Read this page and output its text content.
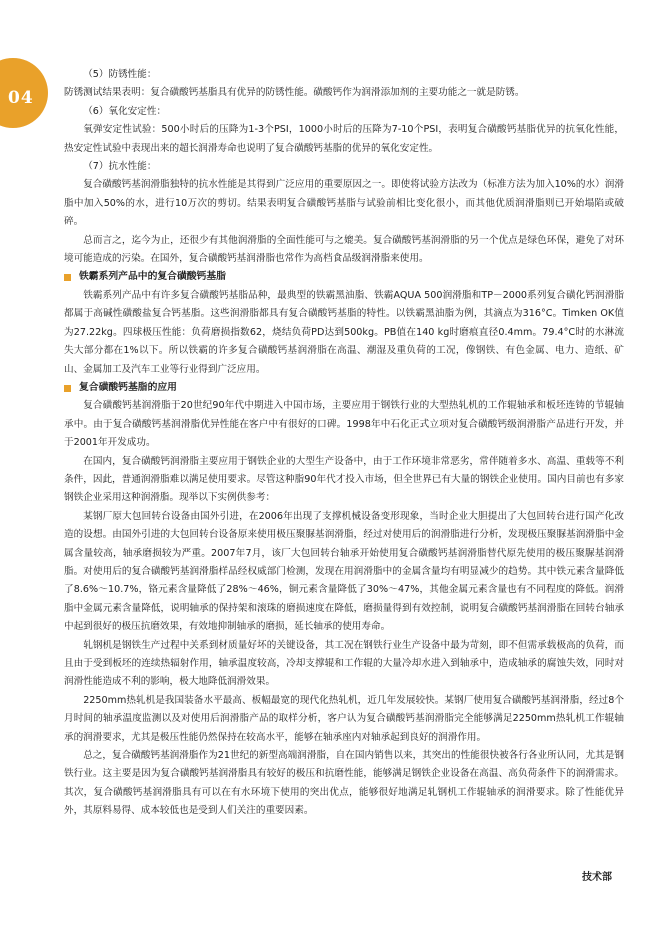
04

（5）防锈性能：

防锈测试结果表明：复合磺酸钙基脂具有优异的防锈性能。磺酸钙作为润滑添加剂的主要功能之一就是防锈。

（6）氧化安定性：

氧弹安定性试验：500小时后的压降为1-3个PSI，1000小时后的压降为7-10个PSI，表明复合磺酸钙基脂优异的抗氧化性能，热安定性试验中表现出来的超长润滑寿命也说明了复合磺酸钙基脂的优异的氧化安定性。

（7）抗水性能：

复合磺酸钙基润滑脂独特的抗水性能是其得到广泛应用的重要原因之一。即使将试验方法改为（标准方法为加入10%的水）润滑脂中加入50%的水，进行10万次的剪切。结果表明复合磺酸钙基脂与试验前相比变化很小，而其他优质润滑脂则已开始塌陷或破碎。

总而言之，迄今为止，还很少有其他润滑脂的全面性能可与之媲美。复合磺酸钙基润滑脂的另一个优点是绿色环保，避免了对环境可能造成的污染。在国外，复合磺酸钙基润滑脂也常作为高档食品级润滑脂来使用。

铁霸系列产品中的复合磺酸钙基脂

铁霸系列产品中有许多复合磺酸钙基脂品种，最典型的铁霸黑油脂、铁霸AQUA 500润滑脂和TP－2000系列复合磺化钙润滑脂都属于高碱性磺酸盐复合钙基脂。这些润滑脂都具有复合磺酸钙基脂的特性。以铁霸黑油脂为例，其滴点为316°C。Timken OK值为27.22kg。四球极压性能：负荷磨损指数62，烧结负荷PD达到500kg。PB值在140 kg时磨痕直径0.4mm。79.4°C时的水淋流失大部分都在1%以下。所以铁霸的许多复合磺酸钙基润滑脂在高温、潮湿及重负荷的工况，像钢铁、有色金属、电力、造纸、矿山、金属加工及汽车工业等行业得到广泛应用。

复合磺酸钙基脂的应用

复合磺酸钙基润滑脂于20世纪90年代中期进入中国市场，主要应用于钢铁行业的大型热轧机的工作辊轴承和板坯连铸的节辊轴承中。由于复合磺酸钙基润滑脂优异性能在客户中有很好的口碑。1998年中石化正式立项对复合磺酸钙级润滑脂产品进行开发，并于2001年开发成功。

在国内，复合磺酸钙润滑脂主要应用于钢铁企业的大型生产设备中，由于工作环境非常恶劣，常伴随着多水、高温、重载等不利条件，因此，普通润滑脂难以满足使用要求。尽管这种脂90年代才投入市场，但全世界已有大量的钢铁企业使用。国内目前也有多家钢铁企业采用这种润滑脂。现举以下实例供参考：

某钢厂原大包回转台设备由国外引进，在2006年出现了支撑机械设备变形现象，当时企业大胆提出了大包回转台进行国产化改造的设想。由国外引进的大包回转台设备原来使用极压聚脲基润滑脂，经过对使用后的润滑脂进行分析，发现极压聚脲基润滑脂中金属含量较高，轴承磨损较为严重。2007年7月，该厂大包回转台轴承开始使用复合磺酸钙基润滑脂替代原先使用的极压聚脲基润滑脂。对使用后的复合磺酸钙基润滑脂样品经权威部门检测，发现在用润滑脂中的金属含量均有明显减少的趋势。其中铁元素含量降低了8.6%～10.7%，铬元素含量降低了28%～46%，铜元素含量降低了30%～47%，其他金属元素含量也有不同程度的降低。润滑脂中金属元素含量降低，说明轴承的保持架和滚珠的磨损速度在降低，磨损量得到有效控制，说明复合磺酸钙基润滑脂在回转台轴承中起到很好的极压抗磨效果，有效地抑制轴承的磨损，延长轴承的使用寿命。

轧钢机是钢铁生产过程中关系到材质量好坏的关键设备，其工况在钢铁行业生产设备中最为苛刻，即不但需承载极高的负荷，而且由于受到板坯的连续热辐射作用，轴承温度较高，冷却支撑辊和工作辊的大量冷却水进入到轴承中，造成轴承的腐蚀失效，同时对润滑性能造成不利的影响，极大地降低润滑效果。

2250mm热轧机是我国装备水平最高、板幅最宽的现代化热轧机，近几年发展较快。某钢厂使用复合磺酸钙基润滑脂，经过8个月时间的轴承温度监测以及对使用后润滑脂产品的取样分析，客户认为复合磺酸钙基润滑脂完全能够满足2250mm热轧机工作辊轴承的润滑要求，尤其是极压性能仍然保持在较高水平，能够在轴承座内对轴承起到良好的润滑作用。

总之，复合磺酸钙基润滑脂作为21世纪的新型高端润滑脂，自在国内销售以来，其突出的性能很快被各行各业所认同，尤其是钢铁行业。这主要是因为复合磺酸钙基润滑脂具有较好的极压和抗磨性能，能够满足钢铁企业设备在高温、高负荷条件下的润滑需求。其次，复合磺酸钙基润滑脂具有可以在有水环境下使用的突出优点，能够很好地满足轧钢机工作辊轴承的润滑要求。除了性能优异外，其原料易得、成本较低也是受到人们关注的重要因素。

技术部
